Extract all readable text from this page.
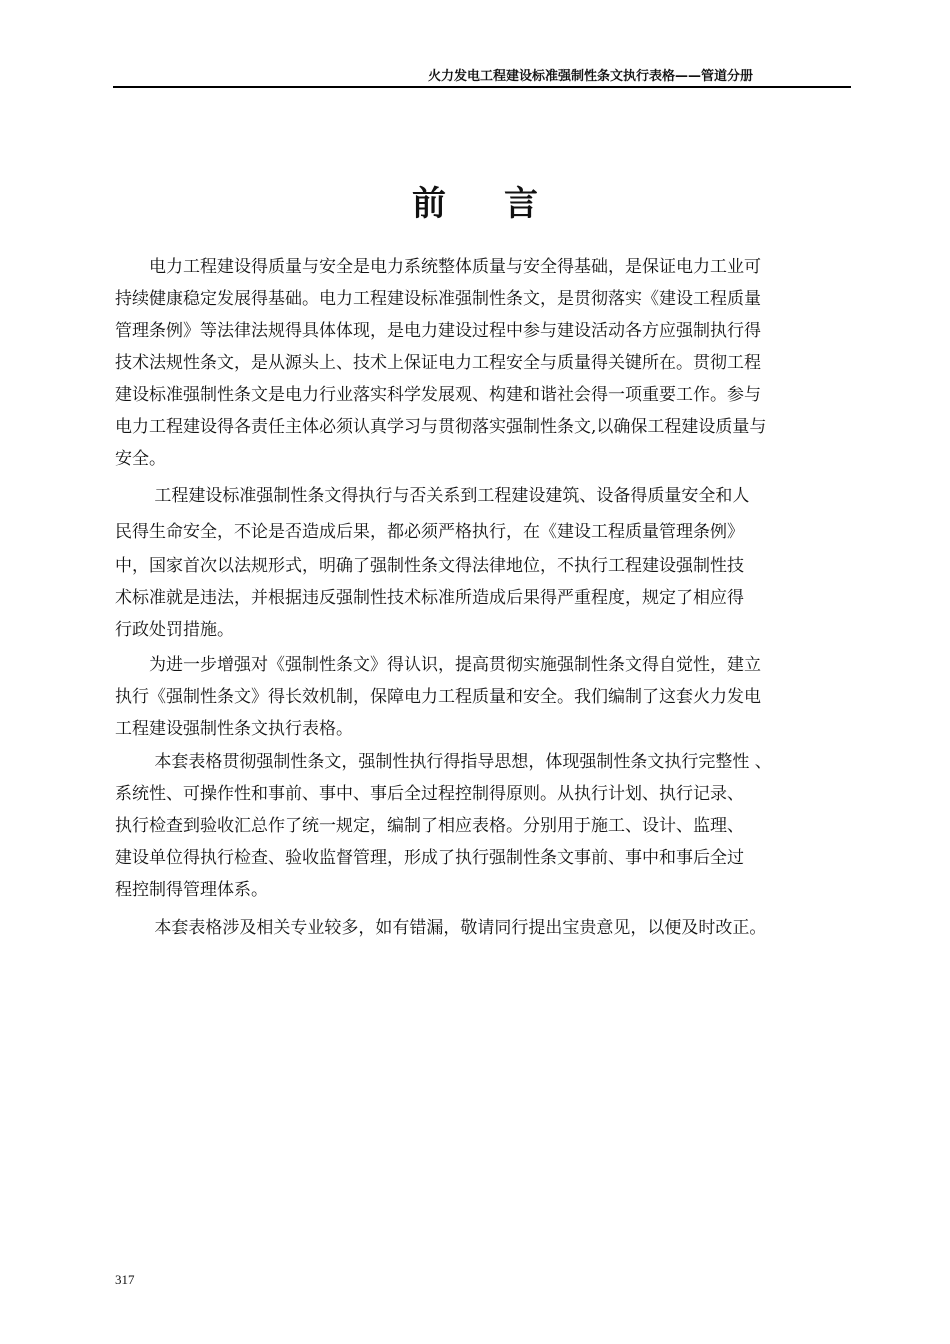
火力发电工程建设标准强制性条文执行表格——管道分册
前言
　　电力工程建设得质量与安全是电力系统整体质量与安全得基础，是保证电力工业可
持续健康稳定发展得基础。电力工程建设标准强制性条文，是贯彻落实《建设工程质量
管理条例》等法律法规得具体体现，是电力建设过程中参与建设活动各方应强制执行得
技术法规性条文，是从源头上、技术上保证电力工程安全与质量得关键所在。贯彻工程
建设标准强制性条文是电力行业落实科学发展观、构建和谐社会得一项重要工作。参与
电力工程建设得各责任主体必须认真学习与贯彻落实强制性条文,以确保工程建设质量与
安全。
　　 工程建设标准强制性条文得执行与否关系到工程建设建筑、设备得质量安全和人
民得生命安全，不论是否造成后果，都必须严格执行，在《建设工程质量管理条例》
中，国家首次以法规形式，明确了强制性条文得法律地位，不执行工程建设强制性技
术标准就是违法，并根据违反强制性技术标准所造成后果得严重程度，规定了相应得
行政处罚措施。
　　为进一步增强对《强制性条文》得认识，提高贯彻实施强制性条文得自觉性，建立
执行《强制性条文》得长效机制，保障电力工程质量和安全。我们编制了这套火力发电
工程建设强制性条文执行表格。
　　 本套表格贯彻强制性条文，强制性执行得指导思想，体现强制性条文执行完整性 、
系统性、可操作性和事前、事中、事后全过程控制得原则。从执行计划、执行记录、
执行检查到验收汇总作了统一规定，编制了相应表格。分别用于施工、设计、监理、
建设单位得执行检查、验收监督管理，形成了执行强制性条文事前、事中和事后全过
程控制得管理体系。
　　 本套表格涉及相关专业较多，如有错漏，敬请同行提出宝贵意见，以便及时改正。
317
